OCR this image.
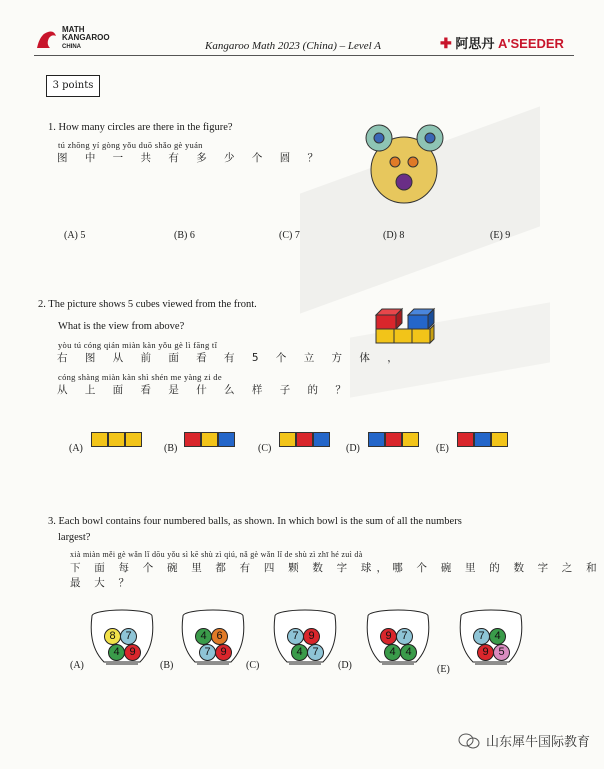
MATH
KANGAROO
CHINA	Kangaroo Math 2023 (China) – Level A	✚ 阿思丹 A'SEEDER
3 points
1. How many circles are there in the figure?
tú zhōng yí gòng yǒu duō shǎo gè yuán
图 中 一 共 有 多 少 个 圆 ？
(A) 5	(B) 6	(C) 7	(D) 8	(E) 9
2. The picture shows 5 cubes viewed from the front.
What is the view from above?
yòu tú cóng qián miàn kàn yǒu gè lì fāng tǐ
右 图 从 前 面 看 有 5 个 立 方 体 ，
cóng shàng miàn kàn shì shén me yàng zi de
从 上 面 看 是 什 么 样 子 的 ？
(A)	(B)	(C)	(D)	(E)
3. Each bowl contains four numbered balls, as shown. In which bowl is the sum of all the numbers
largest?
xià miàn měi gè wǎn lǐ dōu yǒu sì kē shù zì qiú, nǎ gè wǎn lǐ de shù zì zhī hé zuì dà
下 面 每 个 碗 里 都 有 四 颗 数 字 球，哪 个 碗 里 的 数 字 之 和 最 大 ？
8 7
4 9
(A)
4 6
7 9
(B)
7 9
4 7
(C)
9 7
4 4
(D)
7 4
9 5
(E)
山东犀牛国际教育
